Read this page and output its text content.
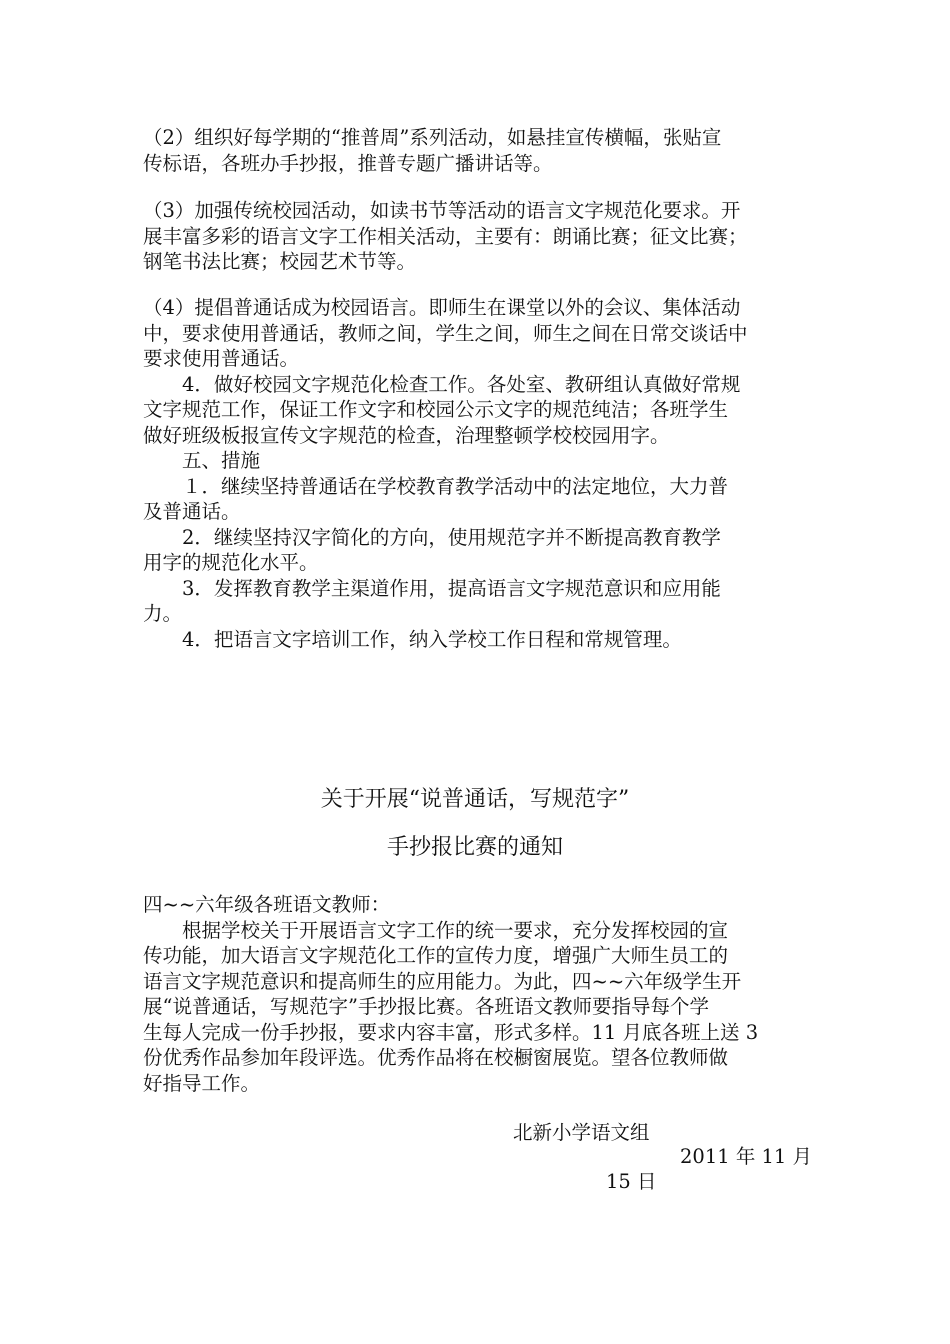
（2）组织好每学期的“推普周”系列活动，如悬挂宣传横幅，张贴宣
传标语，各班办手抄报，推普专题广播讲话等。
（3）加强传统校园活动，如读书节等活动的语言文字规范化要求。开
展丰富多彩的语言文字工作相关活动，主要有：朗诵比赛；征文比赛；
钢笔书法比赛；校园艺术节等。
（4）提倡普通话成为校园语言。即师生在课堂以外的会议、集体活动
中，要求使用普通话，教师之间，学生之间，师生之间在日常交谈话中
要求使用普通话。
　　4．做好校园文字规范化检查工作。各处室、教研组认真做好常规
文字规范工作，保证工作文字和校园公示文字的规范纯洁；各班学生
做好班级板报宣传文字规范的检查，治理整顿学校校园用字。
　　五、措施
　　１．继续坚持普通话在学校教育教学活动中的法定地位，大力普
及普通话。
　　2．继续坚持汉字简化的方向，使用规范字并不断提高教育教学
用字的规范化水平。
　　3．发挥教育教学主渠道作用，提高语言文字规范意识和应用能
力。
　　4．把语言文字培训工作，纳入学校工作日程和常规管理。
关于开展“说普通话，写规范字”
手抄报比赛的通知
四~~六年级各班语文教师：
　　根据学校关于开展语言文字工作的统一要求，充分发挥校园的宣
传功能，加大语言文字规范化工作的宣传力度，增强广大师生员工的
语言文字规范意识和提高师生的应用能力。为此，四~~六年级学生开
展“说普通话，写规范字”手抄报比赛。各班语文教师要指导每个学
生每人完成一份手抄报，要求内容丰富，形式多样。11 月底各班上送 3
份优秀作品参加年段评选。优秀作品将在校橱窗展览。望各位教师做
好指导工作。
北新小学语文组
2011 年 11 月
15 日
